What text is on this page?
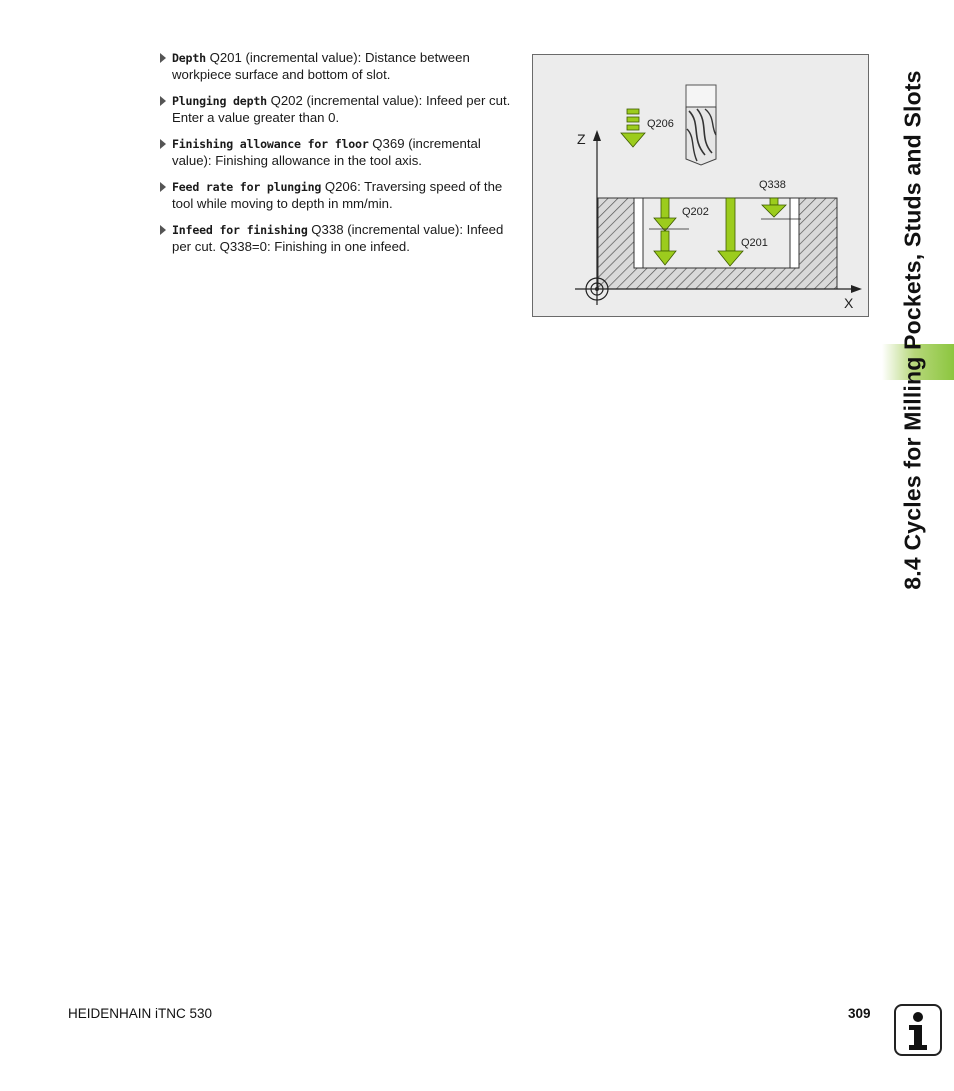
Depth Q201 (incremental value): Distance between workpiece surface and bottom of slot.
Plunging depth Q202 (incremental value): Infeed per cut. Enter a value greater than 0.
Finishing allowance for floor Q369 (incremental value): Finishing allowance in the tool axis.
Feed rate for plunging Q206: Traversing speed of the tool while moving to depth in mm/min.
Infeed for finishing Q338 (incremental value): Infeed per cut. Q338=0: Finishing in one infeed.
Z
X
Q206
Q202
Q201
Q338	8.4 Cycles for Milling Pockets, Studs and Slots
HEIDENHAIN iTNC 530	309
